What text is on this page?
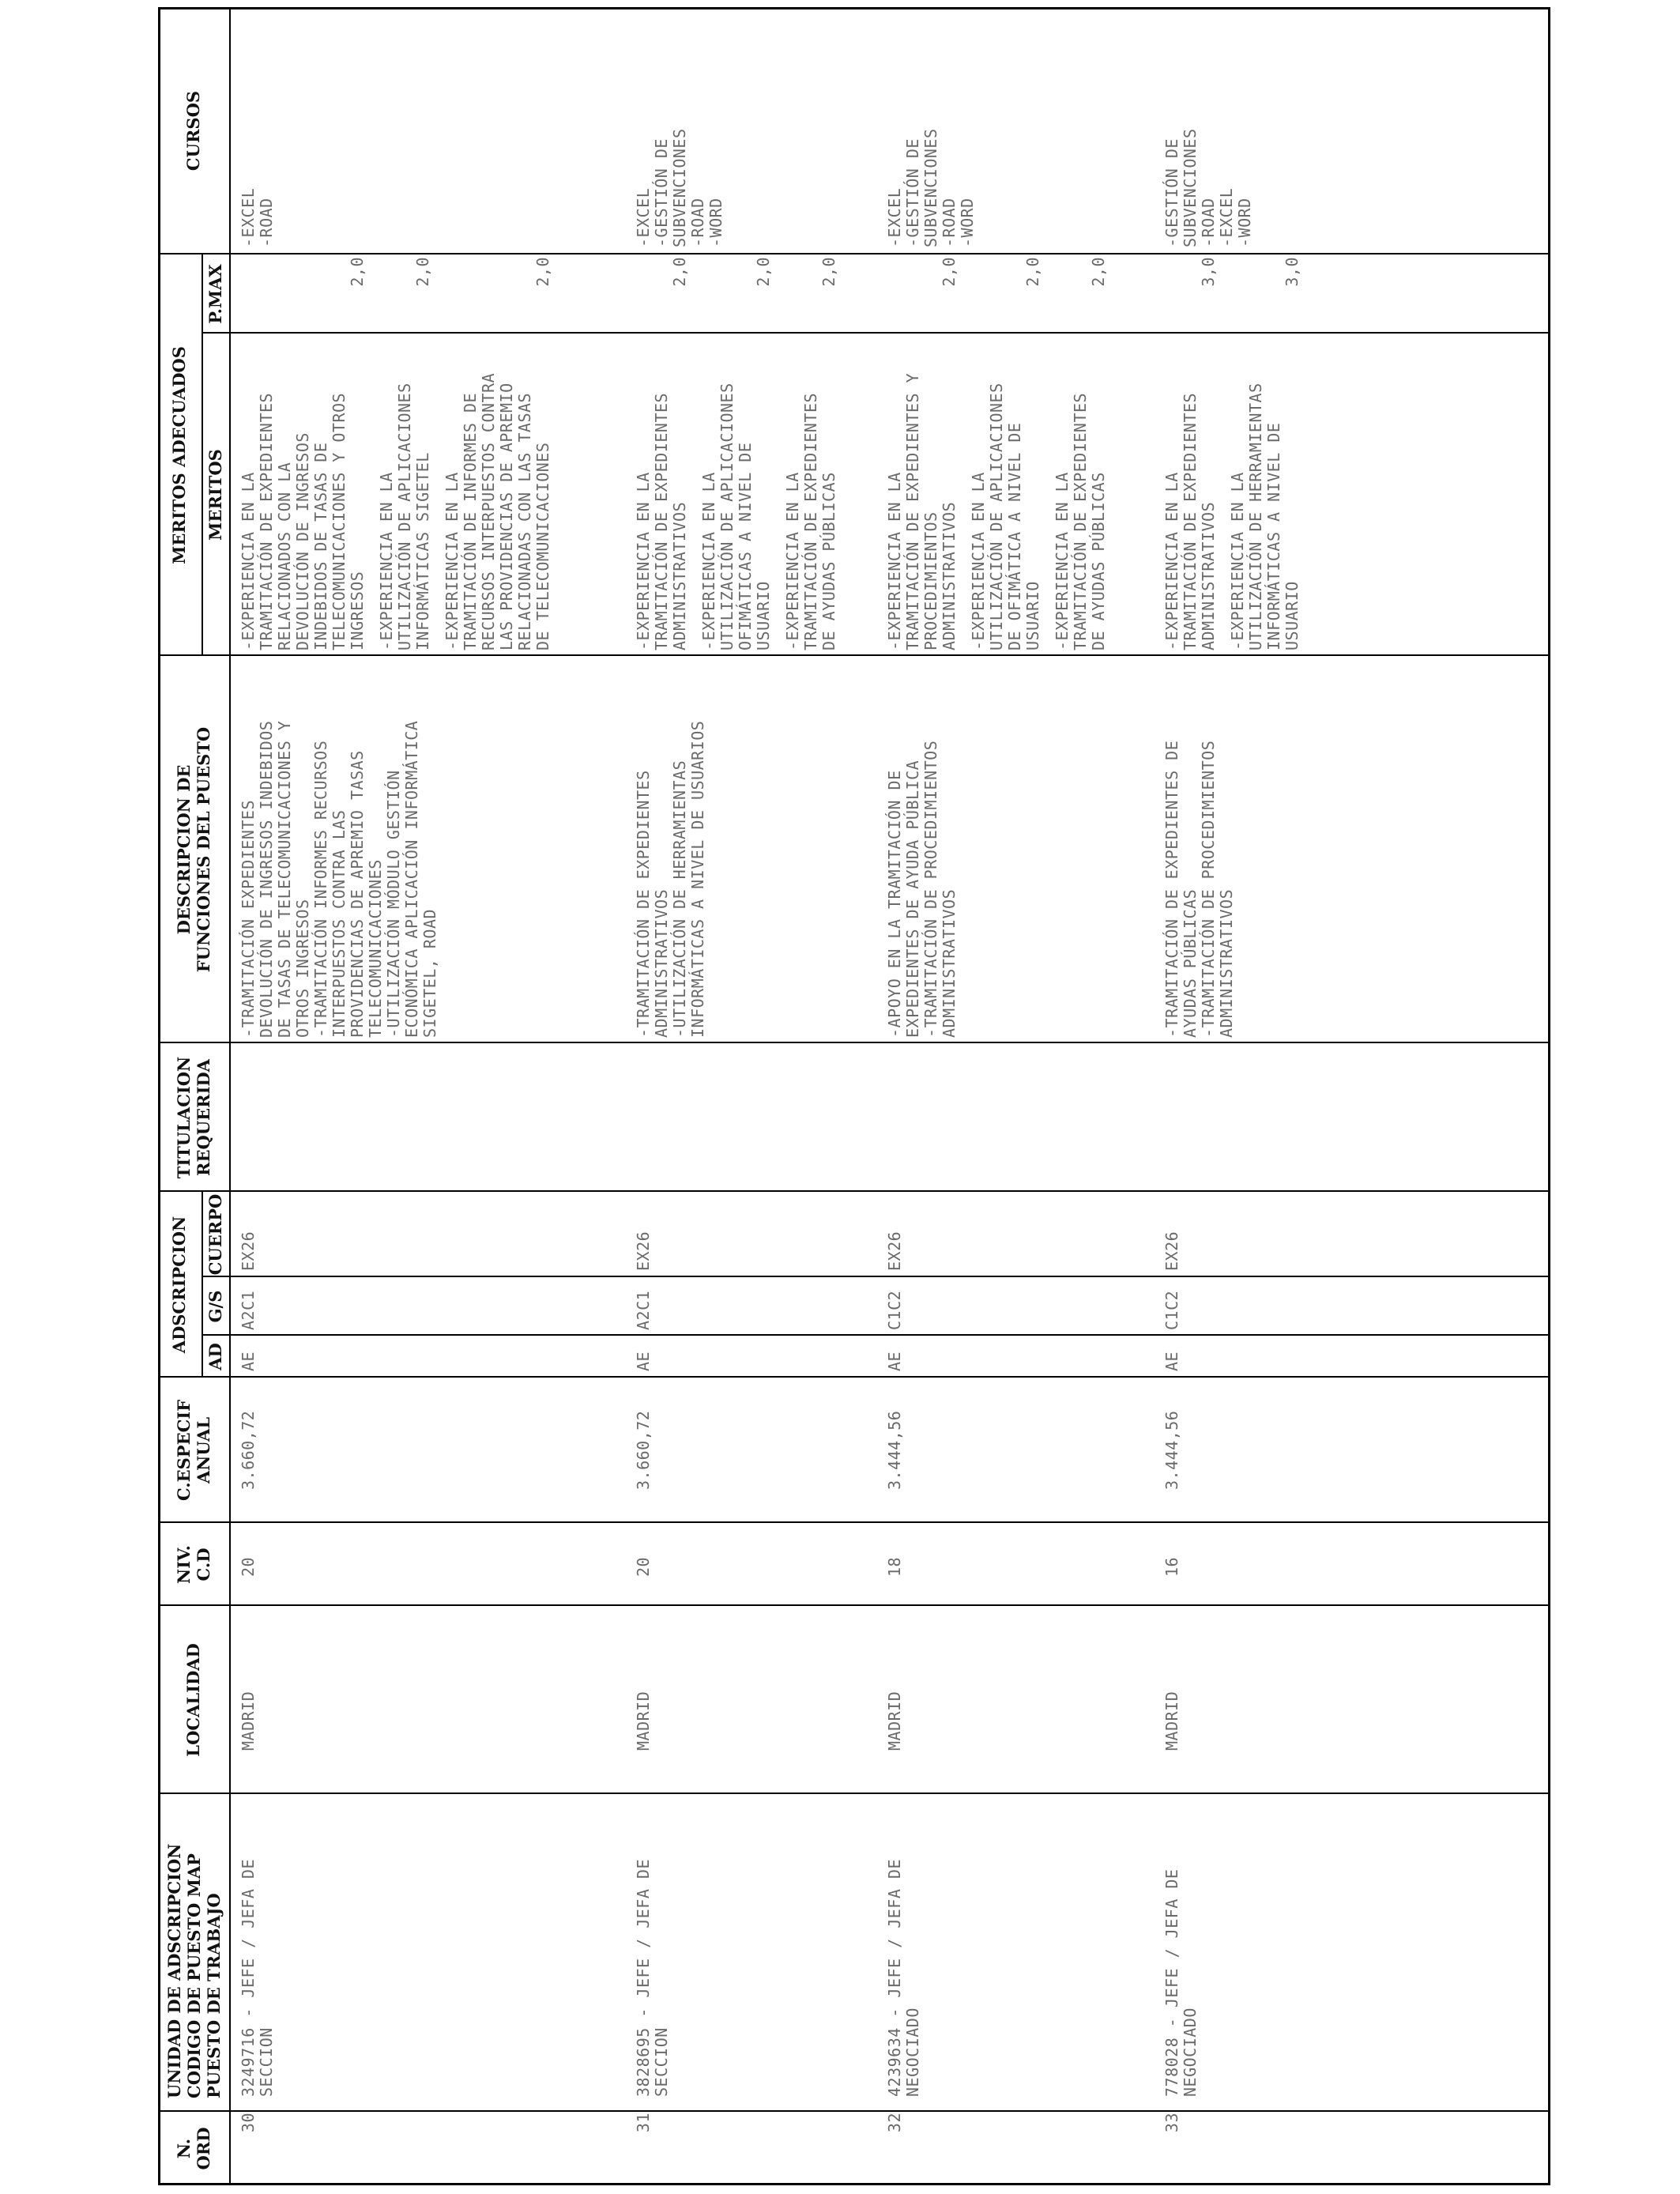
N.
ORD
UNIDAD DE ADSCRIPCION
CODIGO DE PUESTO MAP
PUESTO DE TRABAJO
LOCALIDAD
NIV.
C.D
C.ESPECIF
ANUAL
ADSCRIPCION
AD
G/S
CUERPO
TITULACION
REQUERIDA
DESCRIPCION DE
FUNCIONES DEL PUESTO
MERITOS ADECUADOS MERITOS
P.MAX
CURSOS
30
3249716 - JEFE / JEFA DE
SECCION
MADRID
20
3.660,72
AE
A2C1
EX26
-TRAMITACIÓN EXPEDIENTES
DEVOLUCIÓN DE INGRESOS INDEBIDOS
DE TASAS DE TELECOMUNICACIONES Y
OTROS INGRESOS
-TRAMITACIÓN INFORMES RECURSOS
INTERPUESTOS CONTRA LAS
PROVIDENCIAS DE APREMIO TASAS
TELECOMUNICACIONES
-UTILIZACIÓN MÓDULO GESTIÓN
ECONÓMICA APLICACIÓN INFORMÁTICA
SIGETEL, ROAD
-EXPERIENCIA EN LA
TRAMITACIÓN DE EXPEDIENTES
RELACIONADOS CON LA
DEVOLUCIÓN DE INGRESOS
INDEBIDOS DE TASAS DE
TELECOMUNICACIONES Y OTROS
INGRESOS
2,0
-EXPERIENCIA EN LA
UTILIZACIÓN DE APLICACIONES
INFORMÁTICAS SIGETEL
2,0
-EXPERIENCIA EN LA
TRAMITACIÓN DE INFORMES DE
RECURSOS INTERPUESTOS CONTRA
LAS PROVIDENCIAS DE APREMIO
RELACIONADAS CON LAS TASAS
DE TELECOMUNICACIONES
2,0
-EXCEL
-ROAD
31
3828695 - JEFE / JEFA DE
SECCION
MADRID
20
3.660,72
AE
A2C1
EX26
-TRAMITACIÓN DE EXPEDIENTES
ADMINISTRATIVOS
-UTILIZACIÓN DE HERRAMIENTAS
INFORMÁTICAS A NIVEL DE USUARIOS
-EXPERIENCIA EN LA
TRAMITACIÓN DE EXPEDIENTES
ADMINISTRATIVOS
2,0
-EXPERIENCIA EN LA
UTILIZACIÓN DE APLICACIONES
OFIMÁTICAS A NIVEL DE
USUARIO
2,0
-EXPERIENCIA EN LA
TRAMITACIÓN DE EXPEDIENTES
DE AYUDAS PÚBLICAS
2,0
-EXCEL
-GESTIÓN DE
SUBVENCIONES
-ROAD
-WORD
32
4239634 - JEFE / JEFA DE
NEGOCIADO
MADRID
18
3.444,56
AE
C1C2
EX26
-APOYO EN LA TRAMITACIÓN DE
EXPEDIENTES DE AYUDA PÚBLICA
-TRAMITACIÓN DE PROCEDIMIENTOS
ADMINISTRATIVOS
-EXPERIENCIA EN LA
TRAMITACIÓN DE EXPEDIENTES Y
PROCEDIMIENTOS
ADMINISTRATIVOS
2,0
-EXPERIENCIA EN LA
UTILIZACIÓN DE APLICACIONES
DE OFIMÁTICA A NIVEL DE
USUARIO
2,0
-EXPERIENCIA EN LA
TRAMITACIÓN DE EXPEDIENTES
DE AYUDAS PÚBLICAS
2,0
-EXCEL
-GESTIÓN DE
SUBVENCIONES
-ROAD
-WORD
33
778028 - JEFE / JEFA DE
NEGOCIADO
MADRID
16
3.444,56
AE
C1C2
EX26
-TRAMITACIÓN DE EXPEDIENTES DE
AYUDAS PÚBLICAS
-TRAMITACIÓN DE PROCEDIMIENTOS
ADMINISTRATIVOS
-EXPERIENCIA EN LA
TRAMITACIÓN DE EXPEDIENTES
ADMINISTRATIVOS
3,0
-EXPERIENCIA EN LA
UTILIZACIÓN DE HERRAMIENTAS
INFORMÁTICAS A NIVEL DE
USUARIO
3,0
-GESTIÓN DE
SUBVENCIONES
-ROAD
-EXCEL
-WORD
